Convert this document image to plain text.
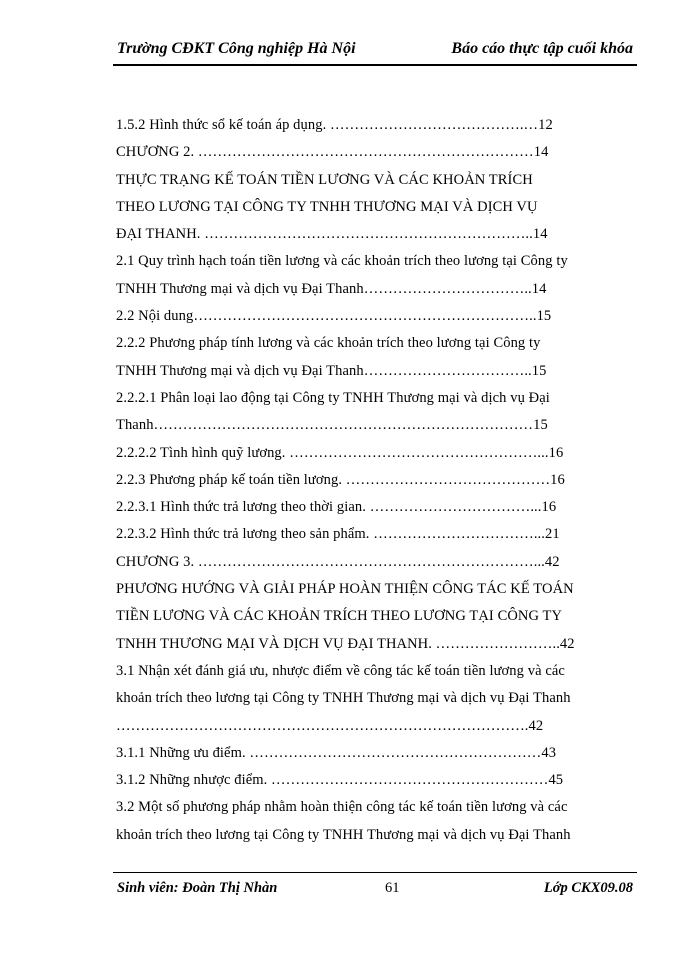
Trường CĐKT Công nghiệp Hà Nội	Báo cáo thực tập cuối khóa
1.5.2 Hình thức sổ kế toán áp dụng. ………………………………….…12
CHƯƠNG 2. ……………………………………………………………14
THỰC TRẠNG KẾ TOÁN TIỀN LƯƠNG VÀ CÁC KHOẢN TRÍCH
THEO LƯƠNG TẠI CÔNG TY TNHH THƯƠNG MẠI VÀ DỊCH VỤ
ĐẠI THANH. …………………………………………………………..14
2.1 Quy trình hạch toán tiền lương và các khoản trích theo lương tại Công ty
TNHH Thương mại và dịch vụ Đại Thanh……………………………..14
2.2 Nội dung……………………………………………………………..15
2.2.2 Phương pháp tính lương và các khoản trích theo lương tại Công ty
TNHH Thương mại và dịch vụ Đại Thanh……………………………..15
2.2.2.1 Phân loại lao động tại Công ty TNHH Thương mại và dịch vụ Đại
Thanh……………………………………………………………………15
2.2.2.2 Tình hình quỹ lương. ……………………………………………...16
2.2.3 Phương pháp kế toán tiền lương. ……………………………………16
2.2.3.1 Hình thức trả lương theo thời gian. ……………………………...16
2.2.3.2 Hình thức trả lương theo sản phẩm. ……………………………...21
CHƯƠNG 3. ……………………………………………………………...42
PHƯƠNG HƯỚNG VÀ GIẢI PHÁP HOÀN THIỆN CÔNG TÁC KẾ TOÁN
TIỀN LƯƠNG VÀ CÁC KHOẢN TRÍCH THEO LƯƠNG TẠI CÔNG TY
TNHH THƯƠNG MẠI VÀ DỊCH VỤ ĐẠI THANH. ……………………..42
3.1 Nhận xét đánh giá ưu, nhược điểm về công tác kế toán tiền lương và các
khoản trích theo lương tại Công ty TNHH Thương mại và dịch vụ Đại Thanh
………………………………………………………………………….42
3.1.1 Những ưu điểm. ……………………………………………………43
3.1.2 Những nhược điểm. …………………………………………………45
3.2 Một số phương pháp nhằm hoàn thiện công tác kế toán tiền lương và các
khoản trích theo lương tại Công ty TNHH Thương mại và dịch vụ Đại Thanh
Sinh viên: Đoàn Thị Nhàn	61	Lớp CKX09.08
